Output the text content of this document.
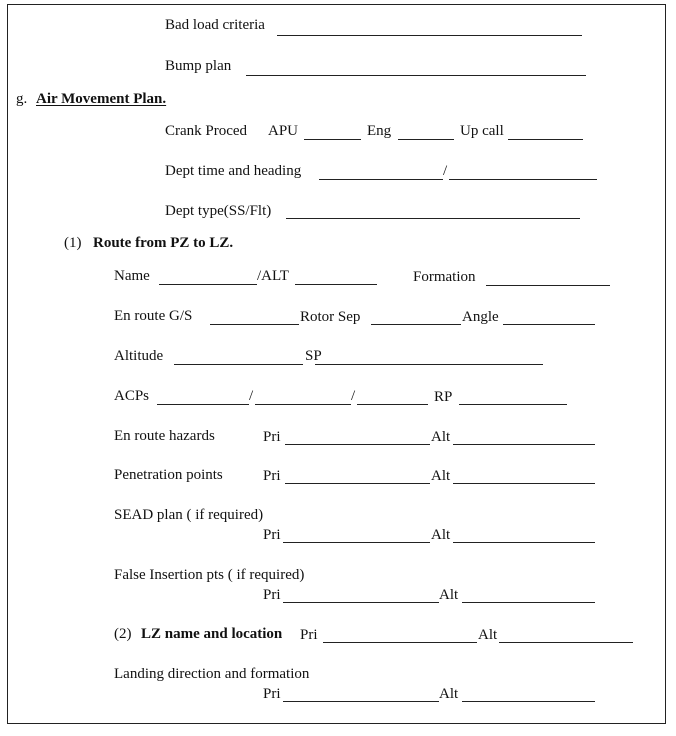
Bad load criteria
Bump plan
g. Air Movement Plan.
Crank Proced APU	Eng	Up call
Dept time and heading	/
Dept type(SS/Flt)
(1) Route from PZ to LZ.
Name	/ALT	Formation
En route G/S	Rotor Sep	Angle
Altitude	SP
ACPs	/	/	RP
En route hazards	Pri	Alt
Penetration points	Pri	Alt
SEAD plan ( if required)
Pri	Alt
False Insertion pts ( if required)
Pri	Alt
(2) LZ name and location Pri	Alt
Landing direction and formation
Pri	Alt
